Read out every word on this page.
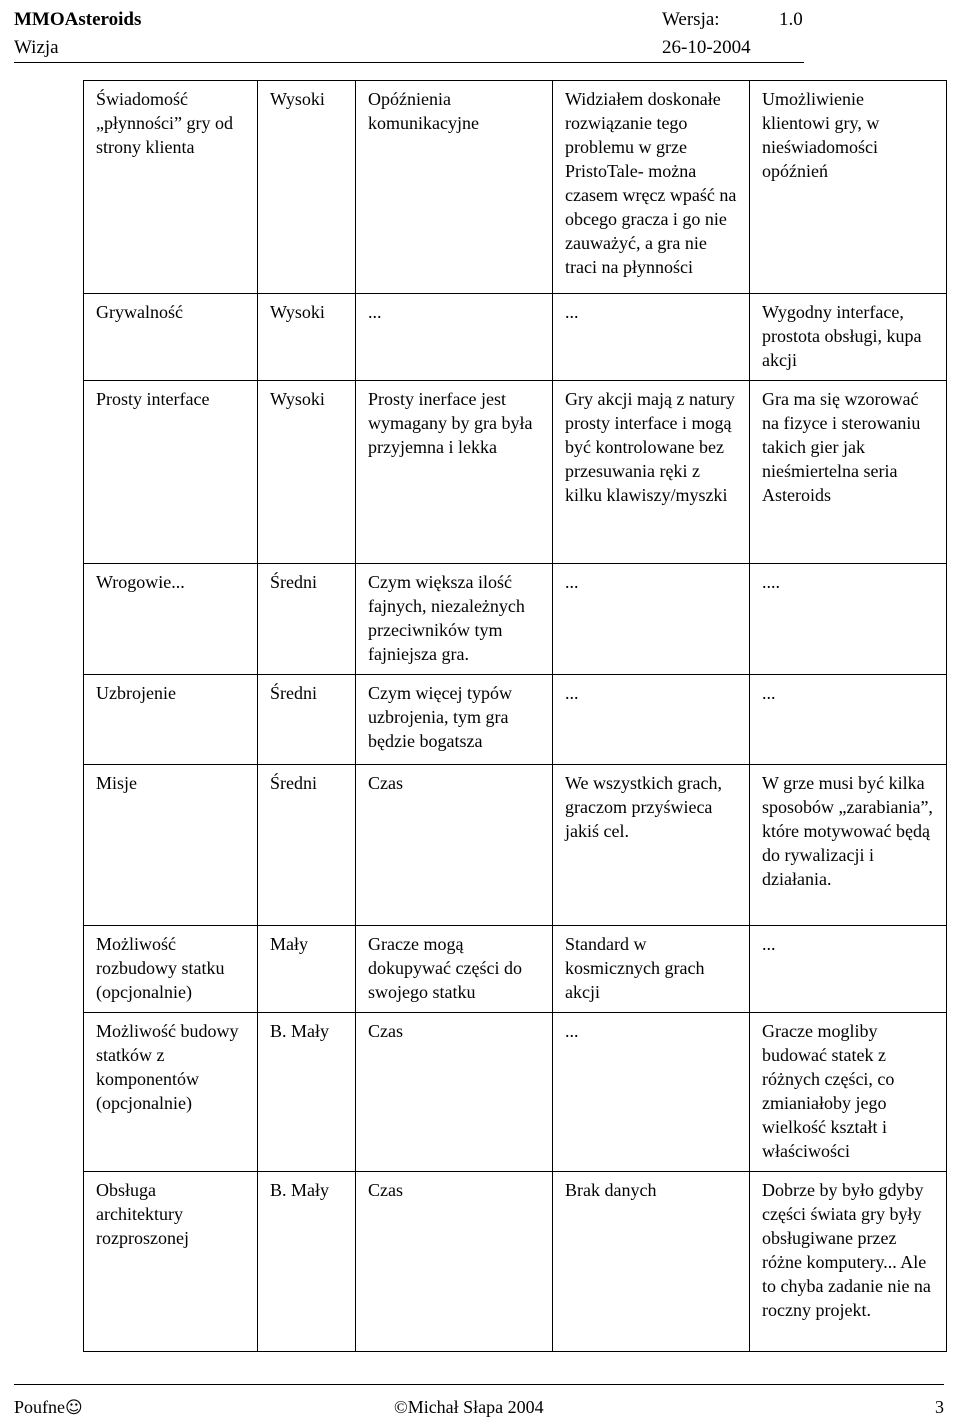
MMOAsteroids	Wersja:	1.0
Wizja	26-10-2004
Świadomość „płynności” gry od strony klienta	Wysoki	Opóźnienia komunikacyjne	Widziałem doskonałe rozwiązanie tego problemu w grze PristoTale- można czasem wręcz wpaść na obcego gracza i go nie zauważyć, a gra nie traci na płynności	Umożliwienie klientowi gry, w nieświadomości opóźnień
Grywalność	Wysoki	...	...	Wygodny interface, prostota obsługi, kupa akcji
Prosty interface	Wysoki	Prosty inerface jest wymagany by gra była przyjemna i lekka	Gry akcji mają z natury prosty interface i mogą być kontrolowane bez przesuwania ręki z kilku klawiszy/myszki	Gra ma się wzorować na fizyce i sterowaniu takich gier jak nieśmiertelna seria Asteroids
Wrogowie...	Średni	Czym większa ilość fajnych, niezależnych przeciwników tym fajniejsza gra.	...	....
Uzbrojenie	Średni	Czym więcej typów uzbrojenia, tym gra będzie bogatsza	...	...
Misje	Średni	Czas	We wszystkich grach, graczom przyświeca jakiś cel.	W grze musi być kilka sposobów „zarabiania”, które motywować będą do rywalizacji i działania.
Możliwość rozbudowy statku (opcjonalnie)	Mały	Gracze mogą dokupywać części do swojego statku	Standard w kosmicznych grach akcji	...
Możliwość budowy statków z komponentów (opcjonalnie)	B. Mały	Czas	...	Gracze mogliby budować statek z różnych części, co zmianiałoby jego wielkość kształt i właściwości
Obsługa architektury rozproszonej	B. Mały	Czas	Brak danych	Dobrze by było gdyby części świata gry były obsługiwane przez różne komputery... Ale to chyba zadanie nie na roczny projekt.
Poufne☺	©Michał Słapa 2004	3
